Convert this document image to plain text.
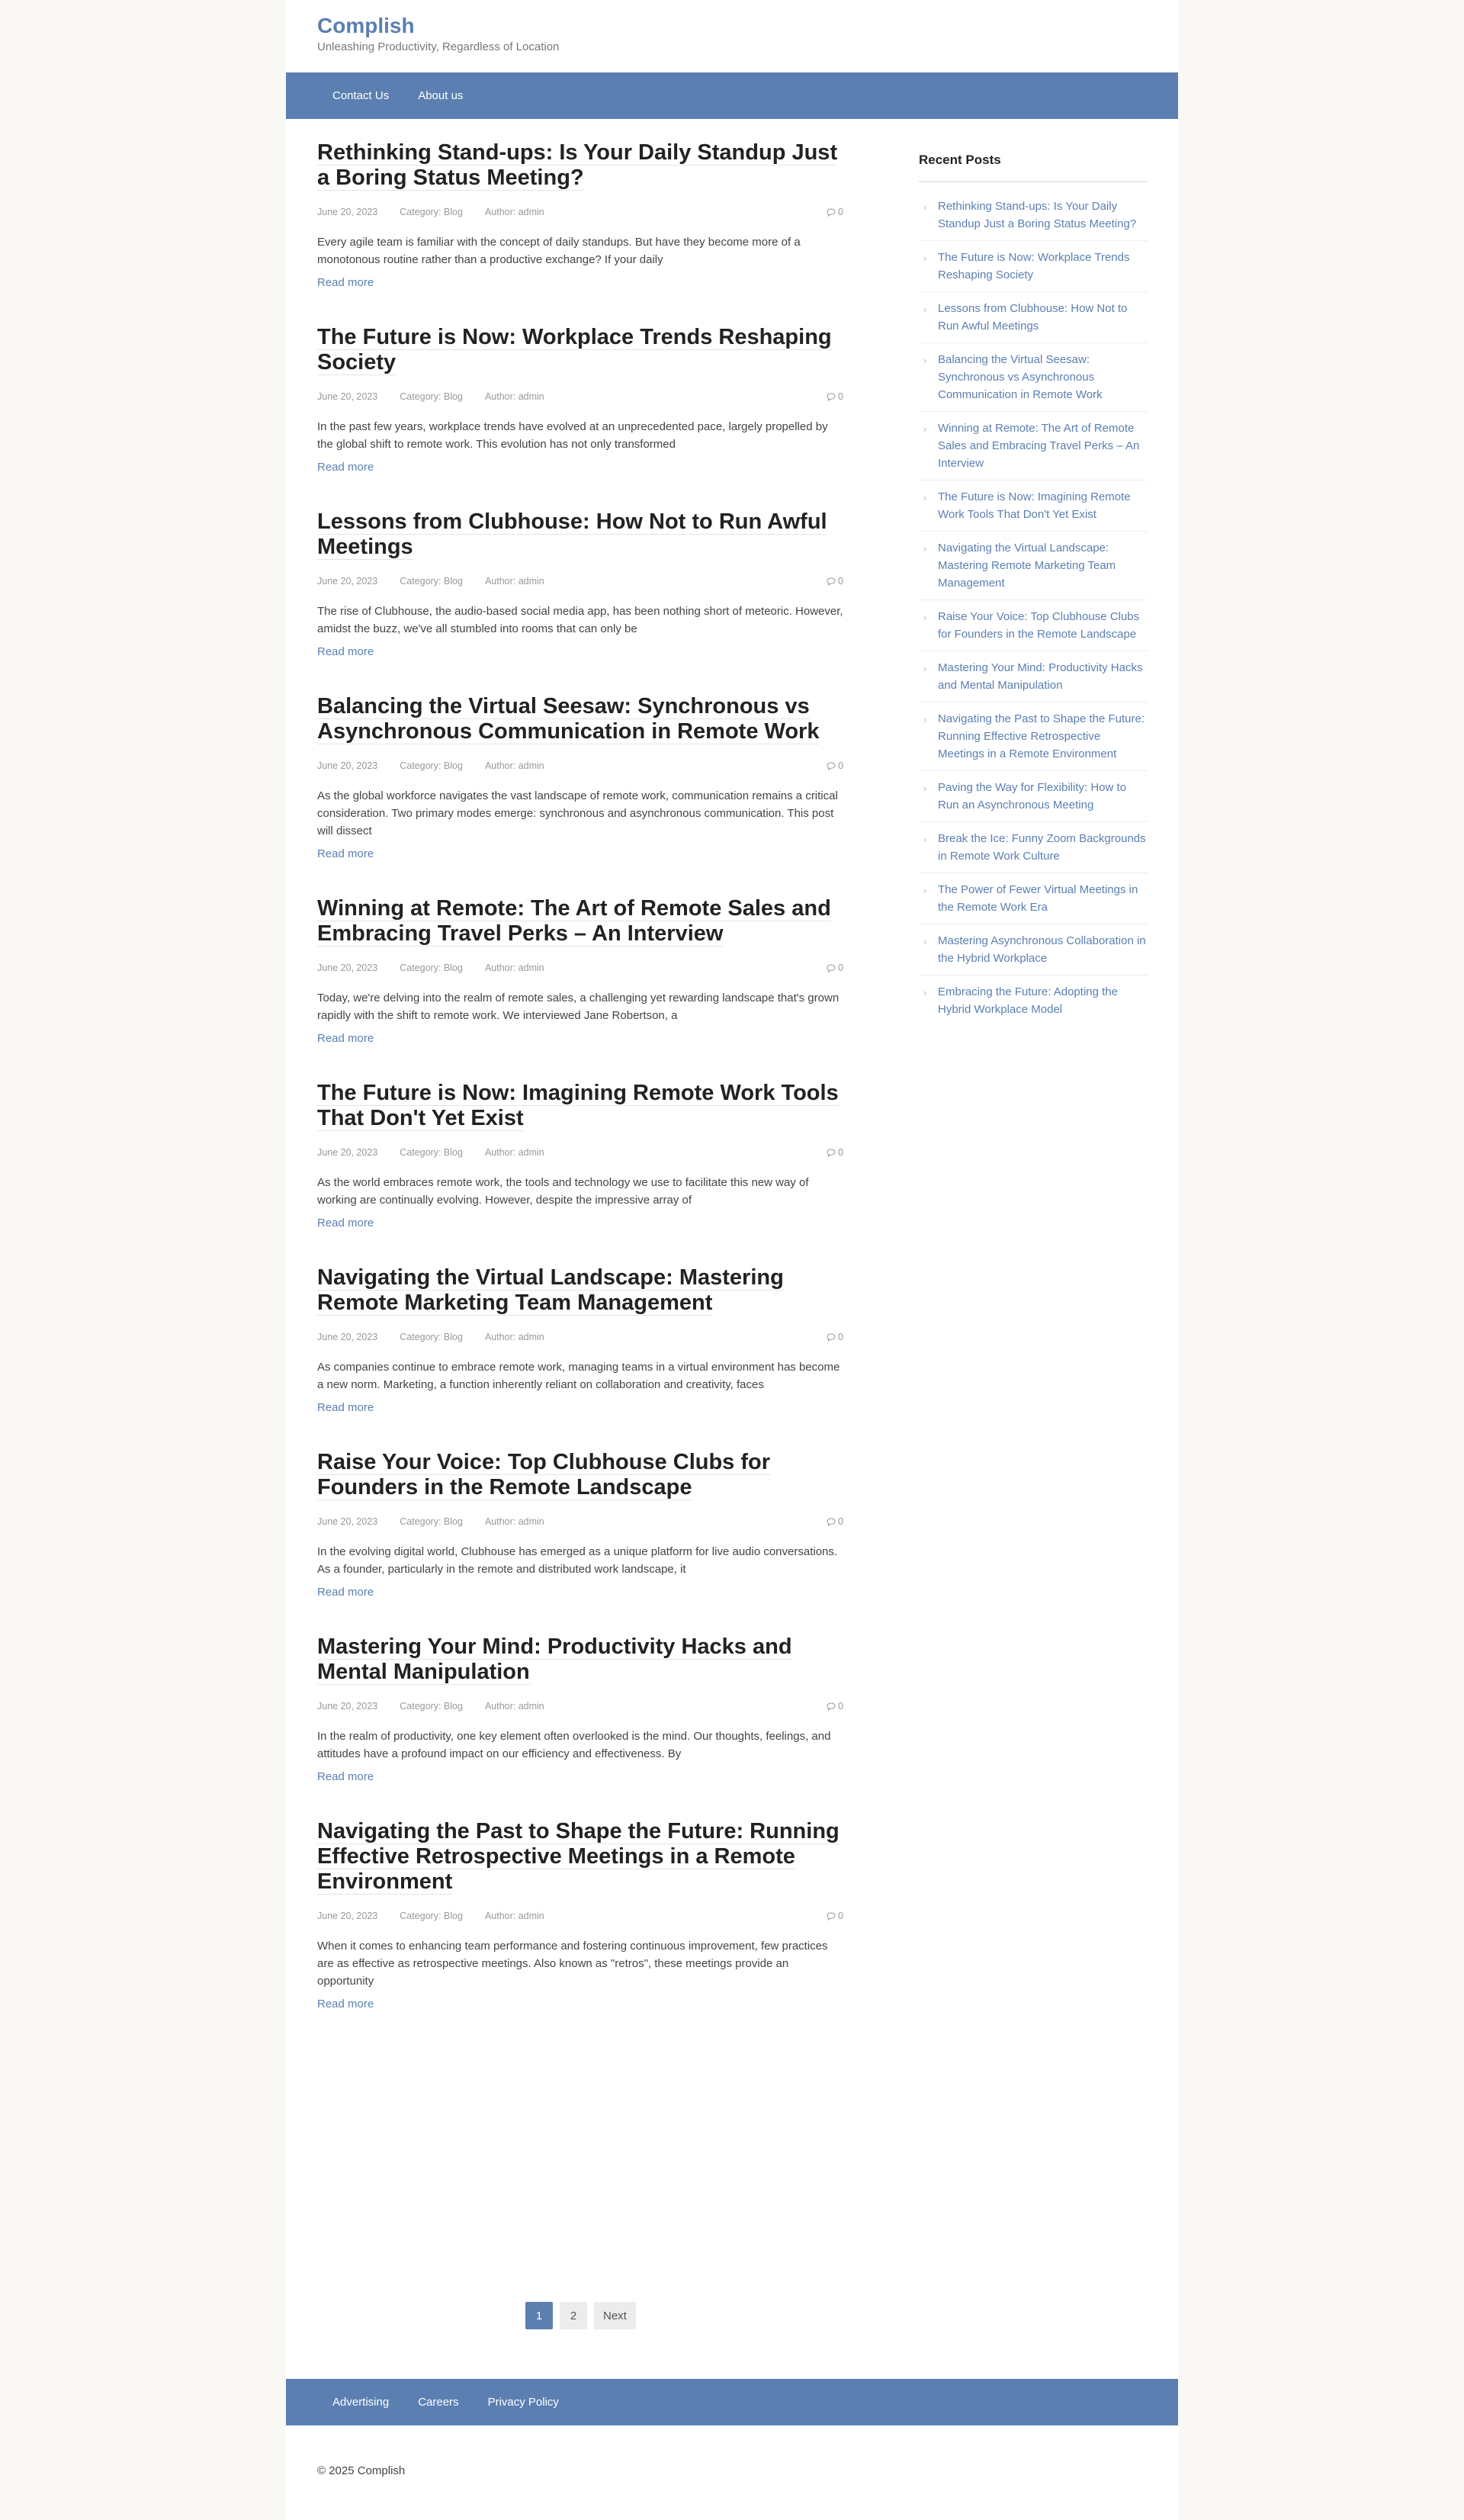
Complish

Unleashing Productivity, Regardless of Location

Contact Us	About us
Rethinking Stand-ups: Is Your Daily Standup Just a Boring Status Meeting?
June 20, 2023 Category: Blog Author: admin	0

Every agile team is familiar with the concept of daily standups. But have they become more of a monotonous routine rather than a productive exchange? If your daily

Read more
The Future is Now: Workplace Trends Reshaping Society
June 20, 2023 Category: Blog Author: admin	0

In the past few years, workplace trends have evolved at an unprecedented pace, largely propelled by the global shift to remote work. This evolution has not only transformed

Read more
Lessons from Clubhouse: How Not to Run Awful Meetings
June 20, 2023 Category: Blog Author: admin	0

The rise of Clubhouse, the audio-based social media app, has been nothing short of meteoric. However, amidst the buzz, we've all stumbled into rooms that can only be

Read more
Balancing the Virtual Seesaw: Synchronous vs Asynchronous Communication in Remote Work
June 20, 2023 Category: Blog Author: admin	0

As the global workforce navigates the vast landscape of remote work, communication remains a critical consideration. Two primary modes emerge: synchronous and asynchronous communication. This post will dissect

Read more
Winning at Remote: The Art of Remote Sales and Embracing Travel Perks – An Interview
June 20, 2023 Category: Blog Author: admin	0

Today, we're delving into the realm of remote sales, a challenging yet rewarding landscape that's grown rapidly with the shift to remote work. We interviewed Jane Robertson, a

Read more
The Future is Now: Imagining Remote Work Tools That Don't Yet Exist
June 20, 2023 Category: Blog Author: admin	0

As the world embraces remote work, the tools and technology we use to facilitate this new way of working are continually evolving. However, despite the impressive array of

Read more
Navigating the Virtual Landscape: Mastering Remote Marketing Team Management
June 20, 2023 Category: Blog Author: admin	0

As companies continue to embrace remote work, managing teams in a virtual environment has become a new norm. Marketing, a function inherently reliant on collaboration and creativity, faces

Read more
Raise Your Voice: Top Clubhouse Clubs for Founders in the Remote Landscape
June 20, 2023 Category: Blog Author: admin	0

In the evolving digital world, Clubhouse has emerged as a unique platform for live audio conversations. As a founder, particularly in the remote and distributed work landscape, it

Read more
Mastering Your Mind: Productivity Hacks and Mental Manipulation
June 20, 2023 Category: Blog Author: admin	0

In the realm of productivity, one key element often overlooked is the mind. Our thoughts, feelings, and attitudes have a profound impact on our efficiency and effectiveness. By

Read more
Navigating the Past to Shape the Future: Running Effective Retrospective Meetings in a Remote Environment
June 20, 2023 Category: Blog Author: admin	0

When it comes to enhancing team performance and fostering continuous improvement, few practices are as effective as retrospective meetings. Also known as "retros", these meetings provide an opportunity

Read more
Recent Posts
› Rethinking Stand-ups: Is Your Daily Standup Just a Boring Status Meeting?
› The Future is Now: Workplace Trends Reshaping Society
› Lessons from Clubhouse: How Not to Run Awful Meetings
› Balancing the Virtual Seesaw: Synchronous vs Asynchronous Communication in Remote Work
› Winning at Remote: The Art of Remote Sales and Embracing Travel Perks – An Interview
› The Future is Now: Imagining Remote Work Tools That Don't Yet Exist
› Navigating the Virtual Landscape: Mastering Remote Marketing Team Management
› Raise Your Voice: Top Clubhouse Clubs for Founders in the Remote Landscape
› Mastering Your Mind: Productivity Hacks and Mental Manipulation
› Navigating the Past to Shape the Future: Running Effective Retrospective Meetings in a Remote Environment
› Paving the Way for Flexibility: How to Run an Asynchronous Meeting
› Break the Ice: Funny Zoom Backgrounds in Remote Work Culture
› The Power of Fewer Virtual Meetings in the Remote Work Era
› Mastering Asynchronous Collaboration in the Hybrid Workplace
› Embracing the Future: Adopting the Hybrid Workplace Model
1	2	Next
Advertising	Careers	Privacy Policy
© 2025 Complish
